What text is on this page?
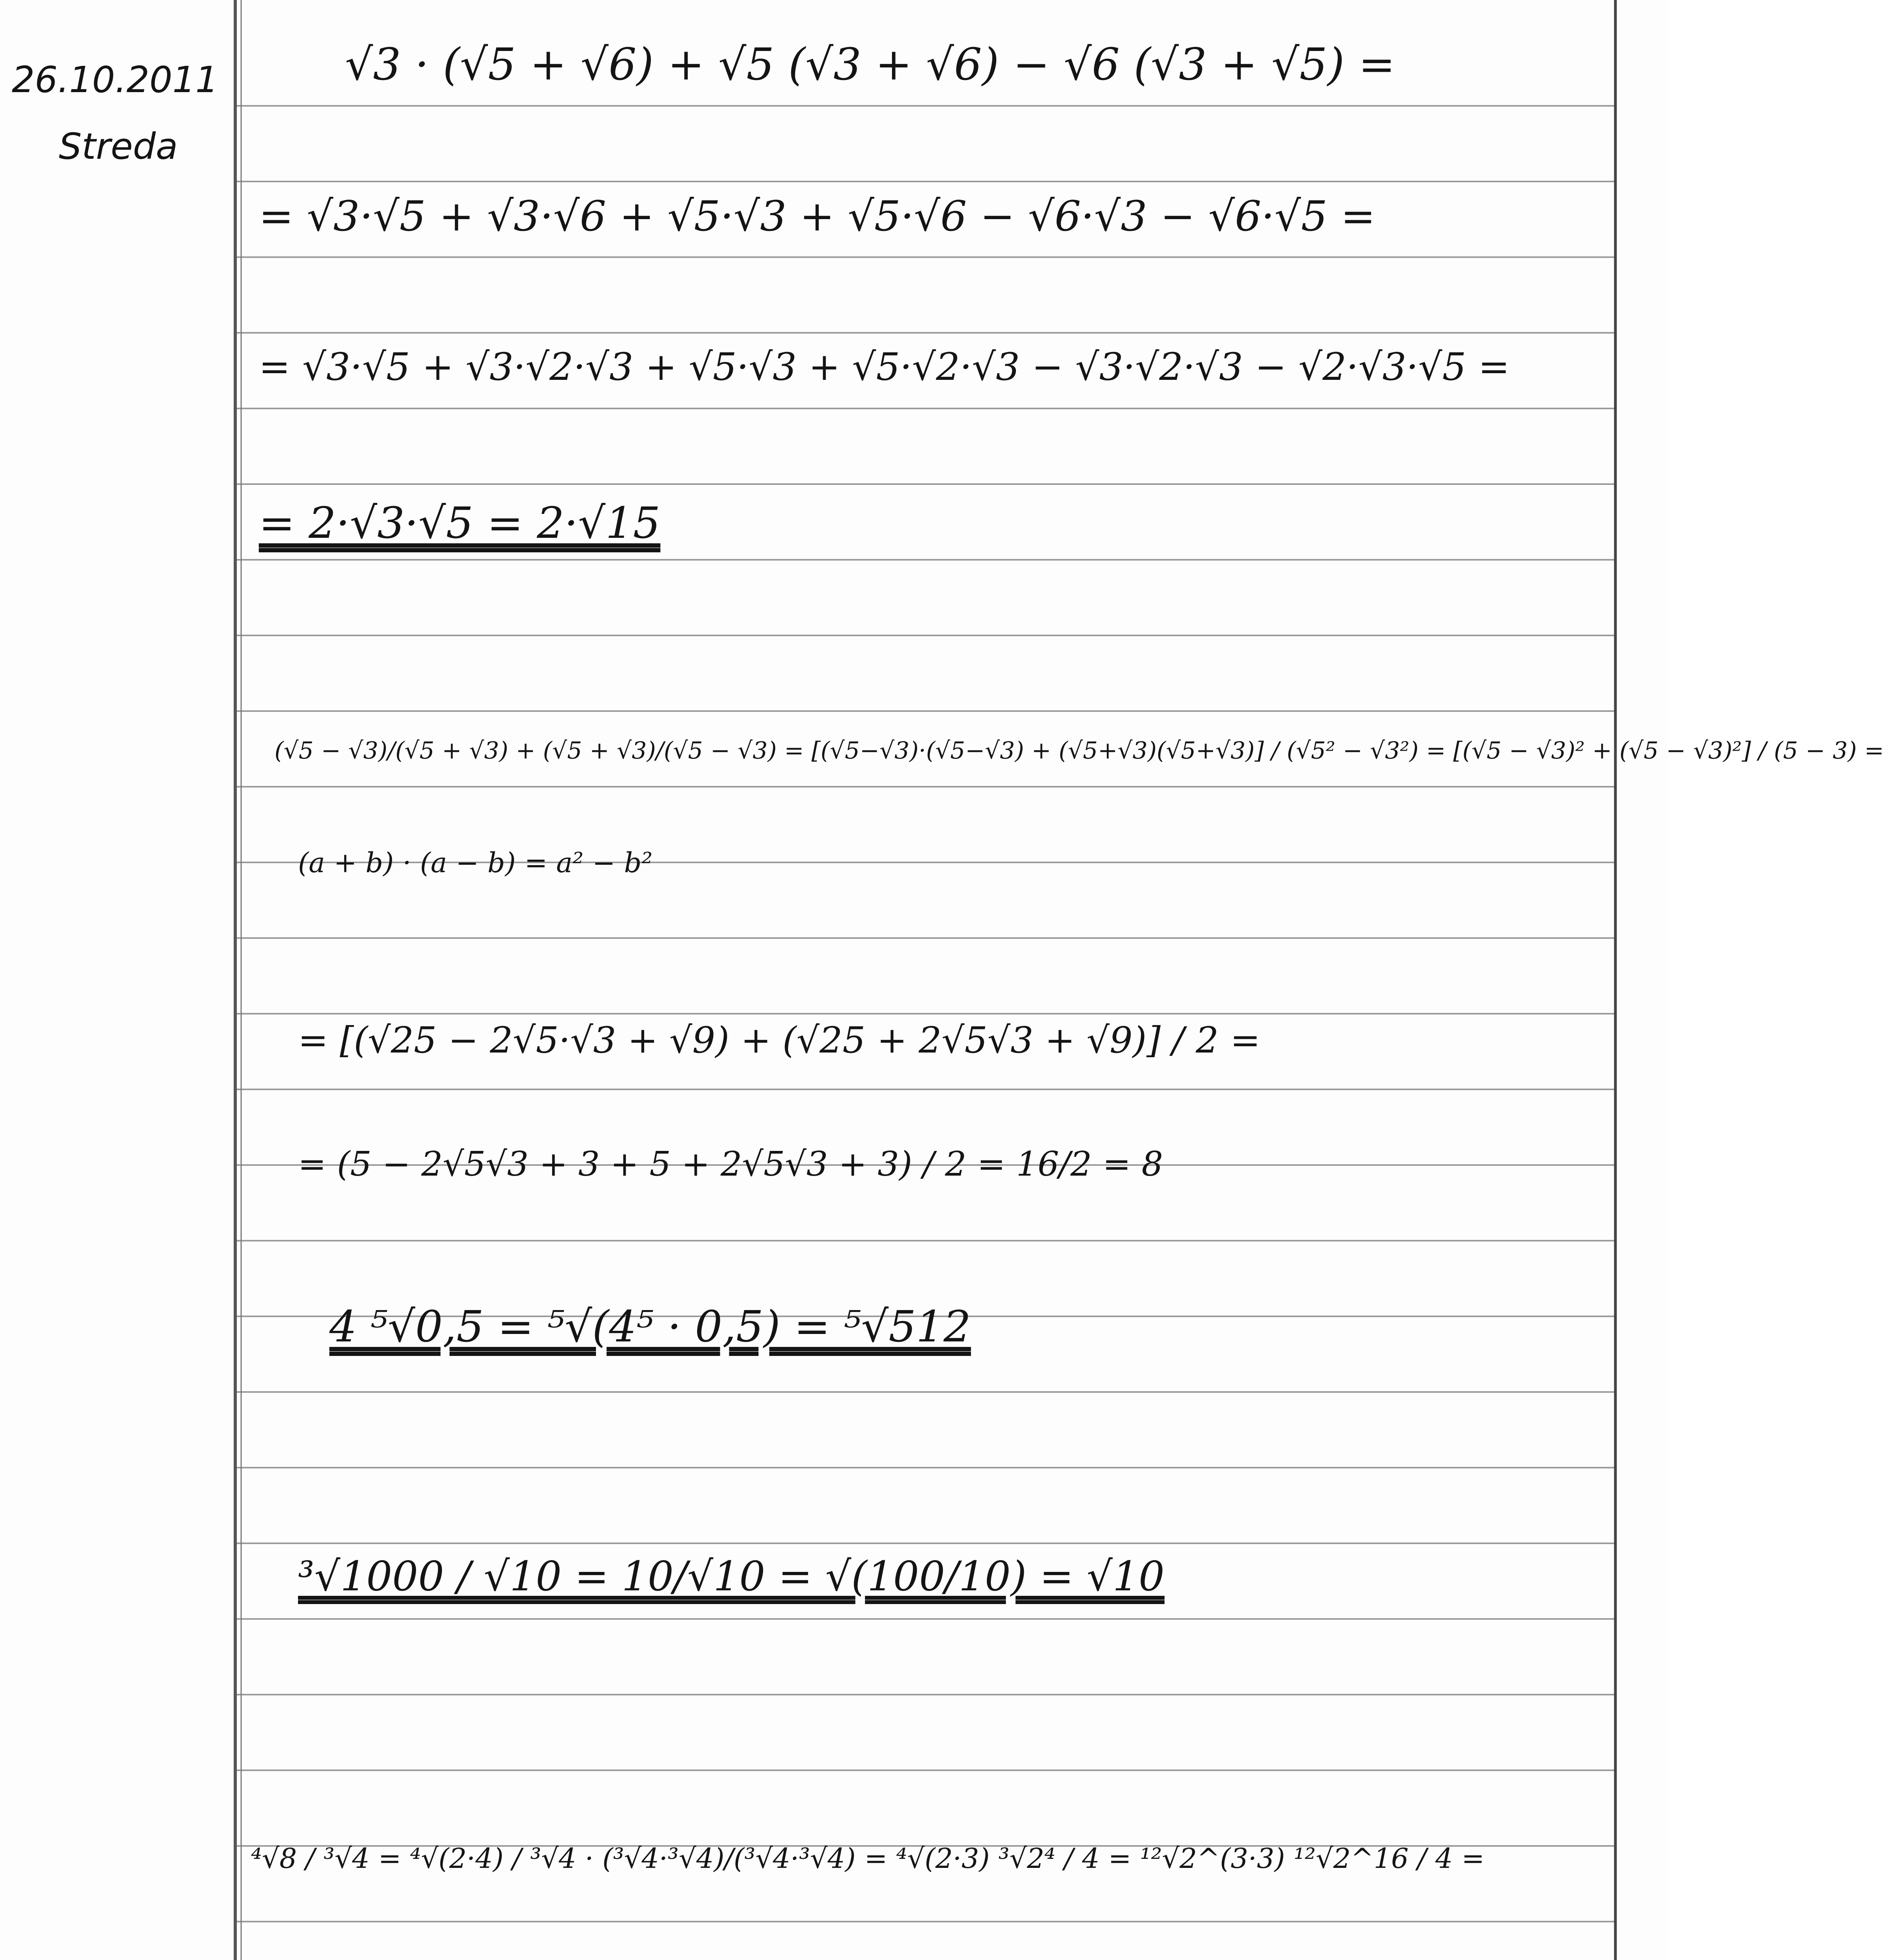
26.10.2011
Streda
√3 · (√5 + √6) + √5 (√3 + √6) − √6 (√3 + √5) =
= √3·√5 + √3·√6 + √5·√3 + √5·√6 − √6·√3 − √6·√5 =
= √3·√5 + √3·√2·√3 + √5·√3 + √5·√2·√3 − √3·√2·√3 − √2·√3·√5 =
= 2·√3·√5 = 2·√15
(√5 − √3)/(√5 + √3) + (√5 + √3)/(√5 − √3) = [(√5−√3)·(√5−√3) + (√5+√3)(√5+√3)] / (√5² − √3²) = [(√5 − √3)² + (√5 − √3)²] / (5 − 3) =
(a + b) · (a − b) = a² − b²
= [(√25 − 2√5·√3 + √9) + (√25 + 2√5√3 + √9)] / 2 =
= (5 − 2√5√3 + 3 + 5 + 2√5√3 + 3) / 2 = 16/2 = 8
4 ⁵√0,5 = ⁵√(4⁵ · 0,5) = ⁵√512
³√1000 / √10 = 10/√10 = √(100/10) = √10
⁴√8 / ³√4 = ⁴√(2·4) / ³√4 · (³√4·³√4)/(³√4·³√4) = ⁴√(2·3) ³√2⁴ / 4 = ¹²√2^(3·3) ¹²√2^16 / 4 =
